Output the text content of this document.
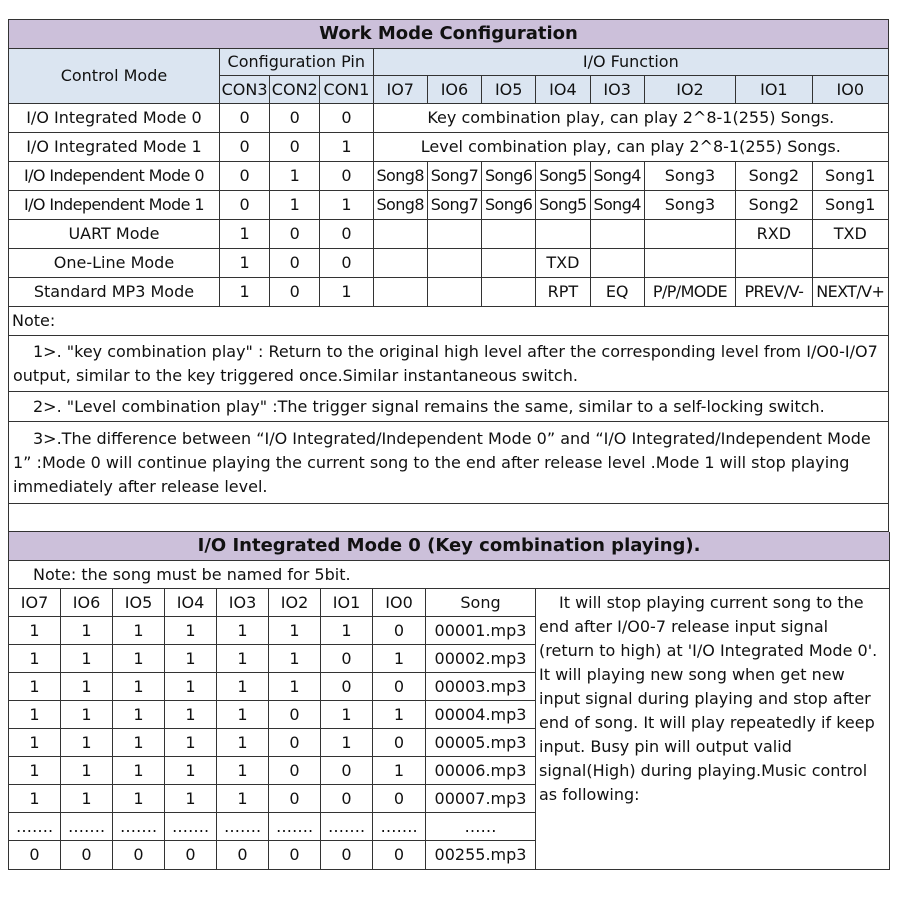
Work Mode Configuration											
Control Mode	Configuration Pin			I/O Function							
	CON3	CON2	CON1	IO7	IO6	IO5	IO4	IO3	IO2	IO1	IO0
I/O Integrated Mode 0	0	0	0	Key combination play, can play 2^8-1(255) Songs.							
I/O Integrated Mode 1	0	0	1	Level combination play, can play 2^8-1(255) Songs.							
I/O Independent Mode 0	0	1	0	Song8	Song7	Song6	Song5	Song4	Song3	Song2	Song1
I/O Independent Mode 1	0	1	1	Song8	Song7	Song6	Song5	Song4	Song3	Song2	Song1
UART Mode	1	0	0							RXD	TXD
One-Line Mode	1	0	0				TXD				
Standard MP3 Mode	1	0	1				RPT	EQ	P/P/MODE	PREV/V-	NEXT/V+
Note:											
1>. "key combination play" : Return to the original high level after the corresponding level from I/O0-I/O7 output, similar to the key triggered once.Similar instantaneous switch.											
2>. "Level combination play" :The trigger signal remains the same, similar to a self-locking switch.											
3>.The difference between “I/O Integrated/Independent Mode 0” and “I/O Integrated/Independent Mode 1” :Mode 0 will continue playing the current song to the end after release level .Mode 1 will stop playing immediately after release level.											

I/O Integrated Mode 0 (Key combination playing).									
Note: the song must be named for 5bit.									
IO7	IO6	IO5	IO4	IO3	IO2	IO1	IO0	Song	It will stop playing current song to the end after I/O0-7 release input signal (return to high) at 'I/O Integrated Mode 0'. It will playing new song when get new input signal during playing and stop after end of song. It will play repeatedly if keep input. Busy pin will output valid signal(High) during playing.Music control as following:

1	1	1	1	1	1	1	0	00001.mp3	
1	1	1	1	1	1	0	1	00002.mp3	
1	1	1	1	1	1	0	0	00003.mp3	
1	1	1	1	1	0	1	1	00004.mp3	
1	1	1	1	1	0	1	0	00005.mp3	
1	1	1	1	1	0	0	1	00006.mp3	
1	1	1	1	1	0	0	0	00007.mp3	
…….	…….	…….	…….	…….	…….	…….	…….	……	
0	0	0	0	0	0	0	0	00255.mp3	
